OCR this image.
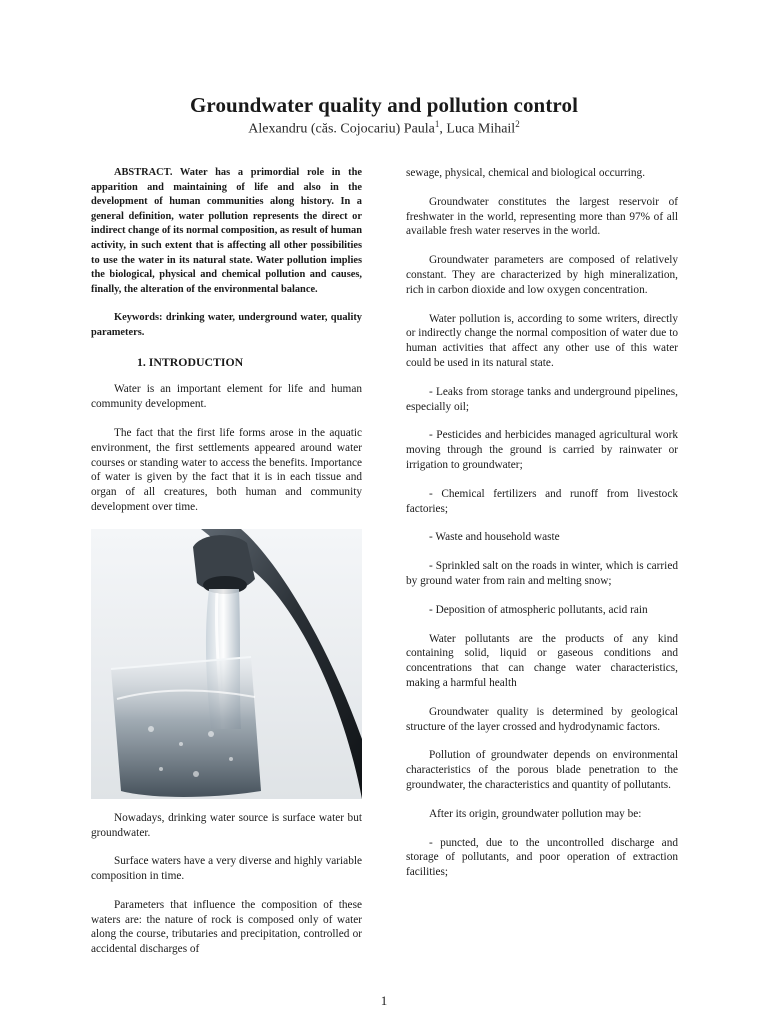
Groundwater quality and pollution control
Alexandru (căs. Cojocariu) Paula$^1$, Luca Mihail$^2$

ABSTRACT. Water has a primordial role in the apparition and maintaining of life and also in the development of human communities along history. In a general definition, water pollution represents the direct or indirect change of its normal composition, as result of human activity, in such extent that is affecting all other possibilities to use the water in its natural state. Water pollution implies the biological, physical and chemical pollution and causes, finally, the alteration of the environmental balance.

Keywords: drinking water, underground water, quality parameters.

1. INTRODUCTION

Water is an important element for life and human community development.

The fact that the first life forms arose in the aquatic environment, the first settlements appeared around water courses or standing water to access the benefits. Importance of water is given by the fact that it is in each tissue and organ of all creatures, both human and community development over time.

Nowadays, drinking water source is surface water but groundwater.

Surface waters have a very diverse and highly variable composition in time.

Parameters that influence the composition of these waters are: the nature of rock is composed only of water along the course, tributaries and precipitation, controlled or accidental discharges of

sewage, physical, chemical and biological occurring.

Groundwater constitutes the largest reservoir of freshwater in the world, representing more than 97% of all available fresh water reserves in the world.

Groundwater parameters are composed of relatively constant. They are characterized by high mineralization, rich in carbon dioxide and low oxygen concentration.

Water pollution is, according to some writers, directly or indirectly change the normal composition of water due to human activities that affect any other use of this water could be used in its natural state.

- Leaks from storage tanks and underground pipelines, especially oil;

- Pesticides and herbicides managed agricultural work moving through the ground is carried by rainwater or irrigation to groundwater;

- Chemical fertilizers and runoff from livestock factories;

- Waste and household waste

- Sprinkled salt on the roads in winter, which is carried by ground water from rain and melting snow;

- Deposition of atmospheric pollutants, acid rain

Water pollutants are the products of any kind containing solid, liquid or gaseous conditions and concentrations that can change water characteristics, making a harmful health

Groundwater quality is determined by geological structure of the layer crossed and hydrodynamic factors.

Pollution of groundwater depends on environmental characteristics of the porous blade penetration to the groundwater, the characteristics and quantity of pollutants.

After its origin, groundwater pollution may be:

- puncted, due to the uncontrolled discharge and storage of pollutants, and poor operation of extraction facilities;

1
